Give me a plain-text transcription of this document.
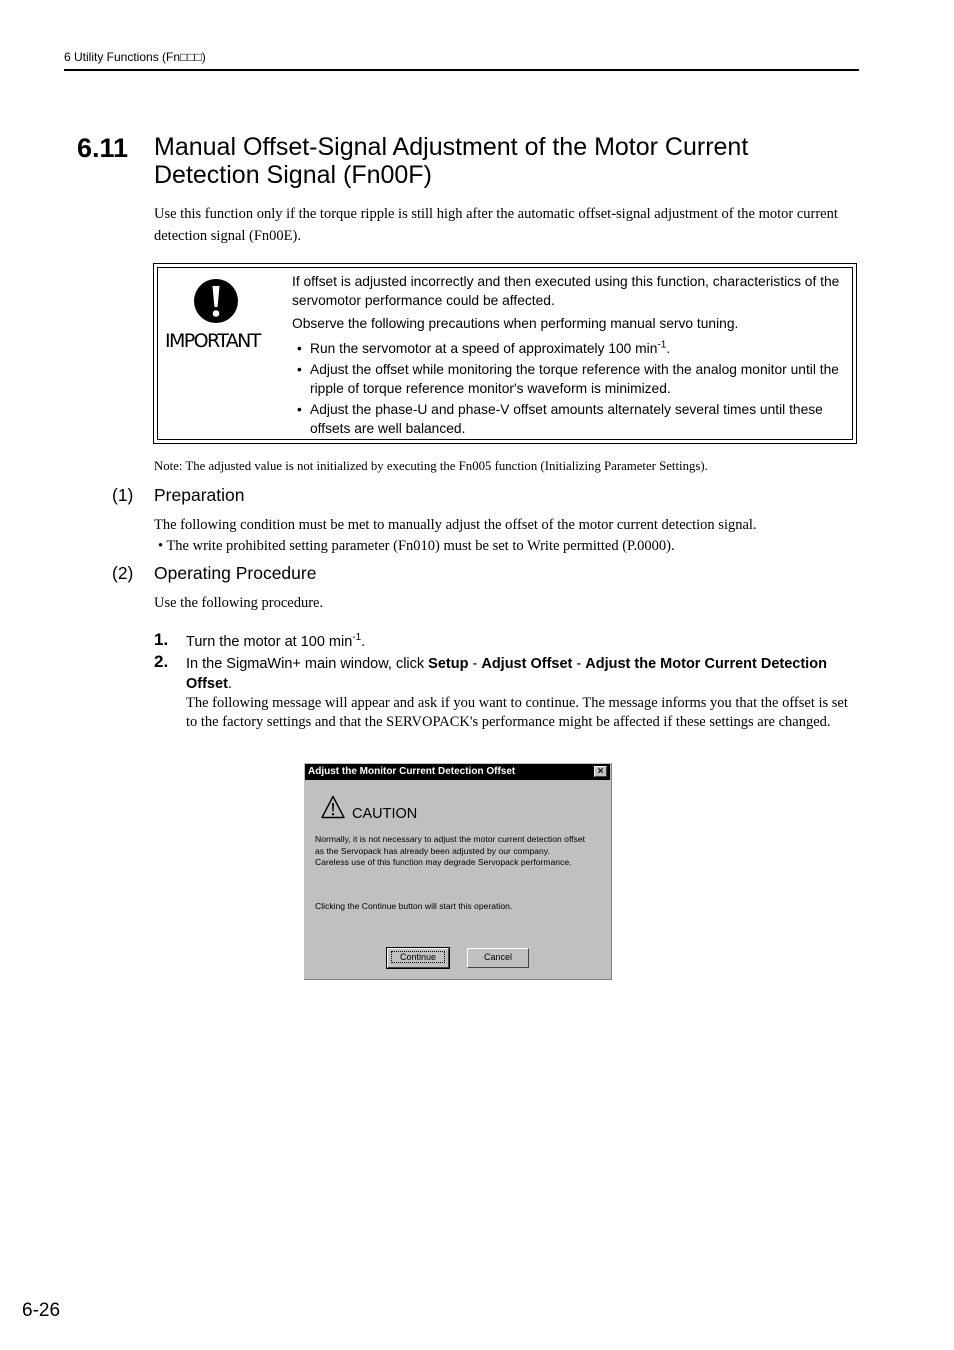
6 Utility Functions (Fn□□□)
6.11 Manual Offset-Signal Adjustment of the Motor Current Detection Signal (Fn00F)
Use this function only if the torque ripple is still high after the automatic offset-signal adjustment of the motor current detection signal (Fn00E).
IMPORTANT

If offset is adjusted incorrectly and then executed using this function, characteristics of the servomotor performance could be affected.

Observe the following precautions when performing manual servo tuning.

• Run the servomotor at a speed of approximately 100 $\min^{-1}$.
• Adjust the offset while monitoring the torque reference with the analog monitor until the ripple of torque reference monitor's waveform is minimized.
• Adjust the phase-U and phase-V offset amounts alternately several times until these offsets are well balanced.
Note: The adjusted value is not initialized by executing the Fn005 function (Initializing Parameter Settings).
(1) Preparation
The following condition must be met to manually adjust the offset of the motor current detection signal.
• The write prohibited setting parameter (Fn010) must be set to Write permitted (P.0000).
(2) Operating Procedure
Use the following procedure.
1. Turn the motor at 100 $\min^{-1}$.
2. In the SigmaWin+ main window, click Setup - Adjust Offset - Adjust the Motor Current Detection Offset.
The following message will appear and ask if you want to continue. The message informs you that the offset is set to the factory settings and that the SERVOPACK's performance might be affected if these settings are changed.
Adjust the Monitor Current Detection Offset	×
CAUTION
Normally, it is not necessary to adjust the motor current detection offset
as the Servopack has already been adjusted by our company.
Careless use of this function may degrade Servopack performance.
Clicking the Continue button will start this operation.
Continue	Cancel
6-26
